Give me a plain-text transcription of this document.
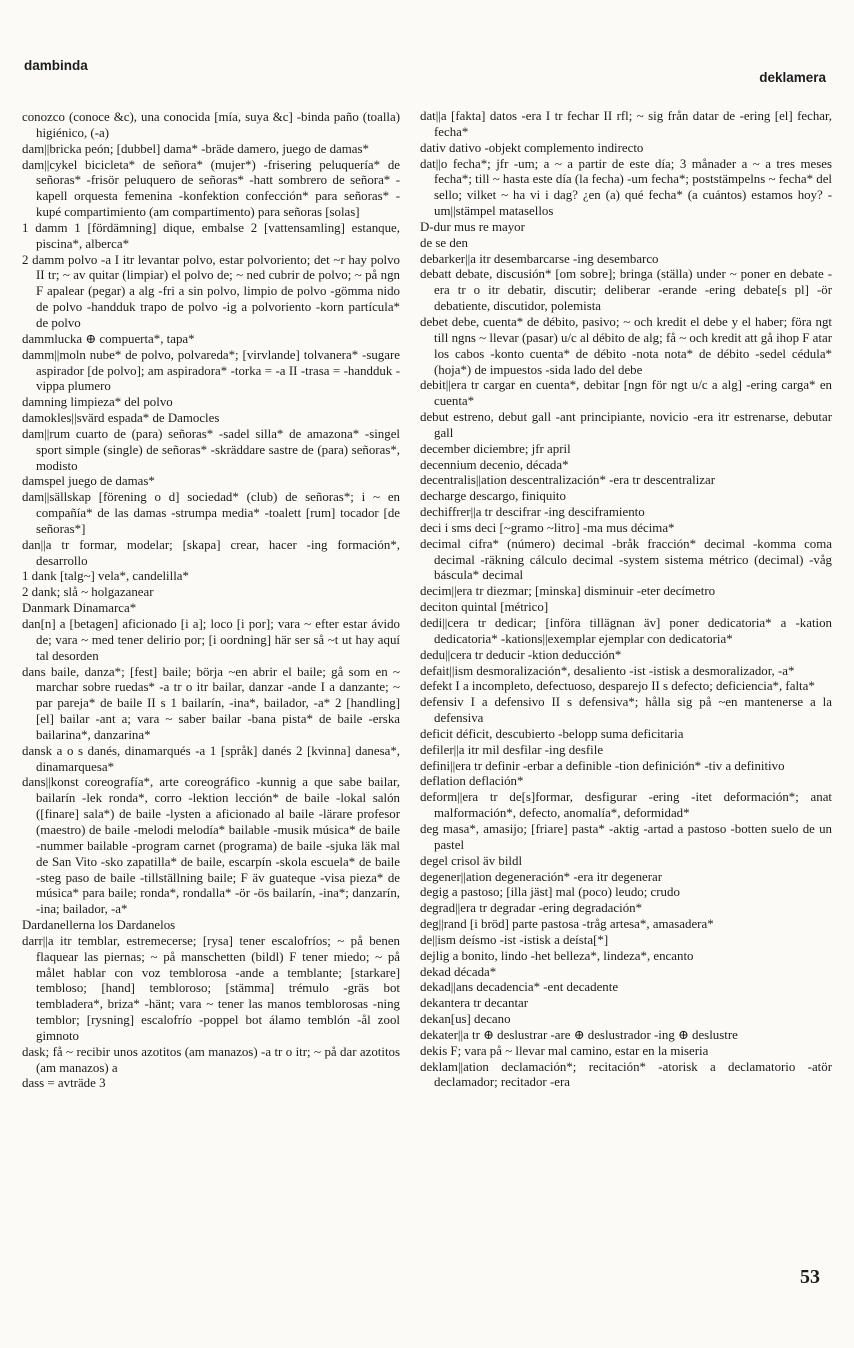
dambinda
deklamera

conozco (conoce &c), una conocida [mía, suya &c] -binda paño (toalla) higiénico, (-a)

dam||bricka peón; [dubbel] dama* -bräde damero, juego de damas*

dam||cykel bicicleta* de señora* (mujer*) -frisering peluquería* de señoras* -frisör peluquero de señoras* -hatt sombrero de señora* -kapell orquesta femenina -konfektion confección* para señoras* -kupé compartimiento (am compartimento) para señoras [solas]

1 damm 1 [fördämning] dique, embalse 2 [vattensamling] estanque, piscina*, alberca*

2 damm polvo -a I itr levantar polvo, estar polvoriento; det ~r hay polvo II tr; ~ av quitar (limpiar) el polvo de; ~ ned cubrir de polvo; ~ på ngn F apalear (pegar) a alg -fri a sin polvo, limpio de polvo -gömma nido de polvo -handduk trapo de polvo -ig a polvoriento -korn partícula* de polvo

dammlucka ⊕ compuerta*, tapa*

damm||moln nube* de polvo, polvareda*; [virvlande] tolvanera* -sugare aspirador [de polvo]; am aspiradora* -torka = -a II -trasa = -handduk -vippa plumero

damning limpieza* del polvo

damokles||svärd espada* de Damocles

dam||rum cuarto de (para) señoras* -sadel silla* de amazona* -singel sport simple (single) de señoras* -skräddare sastre de (para) señoras*, modisto

damspel juego de damas*

dam||sällskap [förening o d] sociedad* (club) de señoras*; i ~ en compañía* de las damas -strumpa media* -toalett [rum] tocador [de señoras*]

dan||a tr formar, modelar; [skapa] crear, hacer -ing formación*, desarrollo

1 dank [talg~] vela*, candelilla*

2 dank; slå ~ holgazanear

Danmark Dinamarca*

dan[n] a [betagen] aficionado [i a]; loco [i por]; vara ~ efter estar ávido de; vara ~ med tener delirio por; [i oordning] här ser så ~t ut hay aquí tal desorden

dans baile, danza*; [fest] baile; börja ~en abrir el baile; gå som en ~ marchar sobre ruedas* -a tr o itr bailar, danzar -ande I a danzante; ~ par pareja* de baile II s 1 bailarín, -ina*, bailador, -a* 2 [handling] [el] bailar -ant a; vara ~ saber bailar -bana pista* de baile -erska bailarina*, danzarina*

dansk a o s danés, dinamarqués -a 1 [språk] danés 2 [kvinna] danesa*, dinamarquesa*

dans||konst coreografía*, arte coreográfico -kunnig a que sabe bailar, bailarín -lek ronda*, corro -lektion lección* de baile -lokal salón ([finare] sala*) de baile -lysten a aficionado al baile -lärare profesor (maestro) de baile -melodi melodía* bailable -musik música* de baile -nummer bailable -program carnet (programa) de baile -sjuka läk mal de San Vito -sko zapatilla* de baile, escarpín -skola escuela* de baile -steg paso de baile -tillställning baile; F äv guateque -visa pieza* de música* para baile; ronda*, rondalla* -ör -ös bailarín, -ina*; danzarín, -ina; bailador, -a*

Dardanellerna los Dardanelos

darr||a itr temblar, estremecerse; [rysa] tener escalofríos; ~ på benen flaquear las piernas; ~ på manschetten (bildl) F tener miedo; ~ på målet hablar con voz temblorosa -ande a temblante; [starkare] tembloso; [hand] tembloroso; [stämma] trémulo -gräs bot tembladera*, briza* -hänt; vara ~ tener las manos temblorosas -ning temblor; [rysning] escalofrío -poppel bot álamo temblón -ål zool gimnoto

dask; få ~ recibir unos azotitos (am manazos) -a tr o itr; ~ på dar azotitos (am manazos) a

dass = avträde 3

dat||a [fakta] datos -era I tr fechar II rfl; ~ sig från datar de -ering [el] fechar, fecha*

dativ dativo -objekt complemento indirecto

dat||o fecha*; jfr -um; a ~ a partir de este día; 3 månader a ~ a tres meses fecha*; till ~ hasta este día (la fecha) -um fecha*; poststämpelns ~ fecha* del sello; vilket ~ ha vi i dag? ¿en (a) qué fecha* (a cuántos) estamos hoy? -um||stämpel matasellos

D-dur mus re mayor

de se den

debarker||a itr desembarcarse -ing desembarco

debatt debate, discusión* [om sobre]; bringa (ställa) under ~ poner en debate -era tr o itr debatir, discutir; deliberar -erande -ering debate[s pl] -ör debatiente, discutidor, polemista

debet debe, cuenta* de débito, pasivo; ~ och kredit el debe y el haber; föra ngt till ngns ~ llevar (pasar) u/c al débito de alg; få ~ och kredit att gå ihop F atar los cabos -konto cuenta* de débito -nota nota* de débito -sedel cédula* (hoja*) de impuestos -sida lado del debe

debit||era tr cargar en cuenta*, debitar [ngn för ngt u/c a alg] -ering carga* en cuenta*

debut estreno, debut gall -ant principiante, novicio -era itr estrenarse, debutar gall

december diciembre; jfr april

decennium decenio, década*

decentralis||ation descentralización* -era tr descentralizar

decharge descargo, finiquito

dechiffrer||a tr descifrar -ing desciframiento

deci i sms deci [~gramo ~litro] -ma mus décima*

decimal cifra* (número) decimal -bråk fracción* decimal -komma coma decimal -räkning cálculo decimal -system sistema métrico (decimal) -våg báscula* decimal

decim||era tr diezmar; [minska] disminuir -eter decímetro

deciton quintal [métrico]

dedi||cera tr dedicar; [införa tillägnan äv] poner dedicatoria* a -kation dedicatoria* -kations||exemplar ejemplar con dedicatoria*

dedu||cera tr deducir -ktion deducción*

defait||ism desmoralización*, desaliento -ist -istisk a desmoralizador, -a*

defekt I a incompleto, defectuoso, desparejo II s defecto; deficiencia*, falta*

defensiv I a defensivo II s defensiva*; hålla sig på ~en mantenerse a la defensiva

deficit déficit, descubierto -belopp suma deficitaria

defiler||a itr mil desfilar -ing desfile

defini||era tr definir -erbar a definible -tion definición* -tiv a definitivo

deflation deflación*

deform||era tr de[s]formar, desfigurar -ering -itet deformación*; anat malformación*, defecto, anomalía*, deformidad*

deg masa*, amasijo; [friare] pasta* -aktig -artad a pastoso -botten suelo de un pastel

degel crisol äv bildl

degener||ation degeneración* -era itr degenerar

degig a pastoso; [illa jäst] mal (poco) leudo; crudo

degrad||era tr degradar -ering degradación*

deg||rand [i bröd] parte pastosa -tråg artesa*, amasadera*

de||ism deísmo -ist -istisk a deísta[*]

dejlig a bonito, lindo -het belleza*, lindeza*, encanto

dekad década*

dekad||ans decadencia* -ent decadente

dekantera tr decantar

dekan[us] decano

dekater||a tr ⊕ deslustrar -are ⊕ deslustrador -ing ⊕ deslustre

dekis F; vara på ~ llevar mal camino, estar en la miseria

deklam||ation declamación*; recitación* -atorisk a declamatorio -atör declamador; recitador -era

53
